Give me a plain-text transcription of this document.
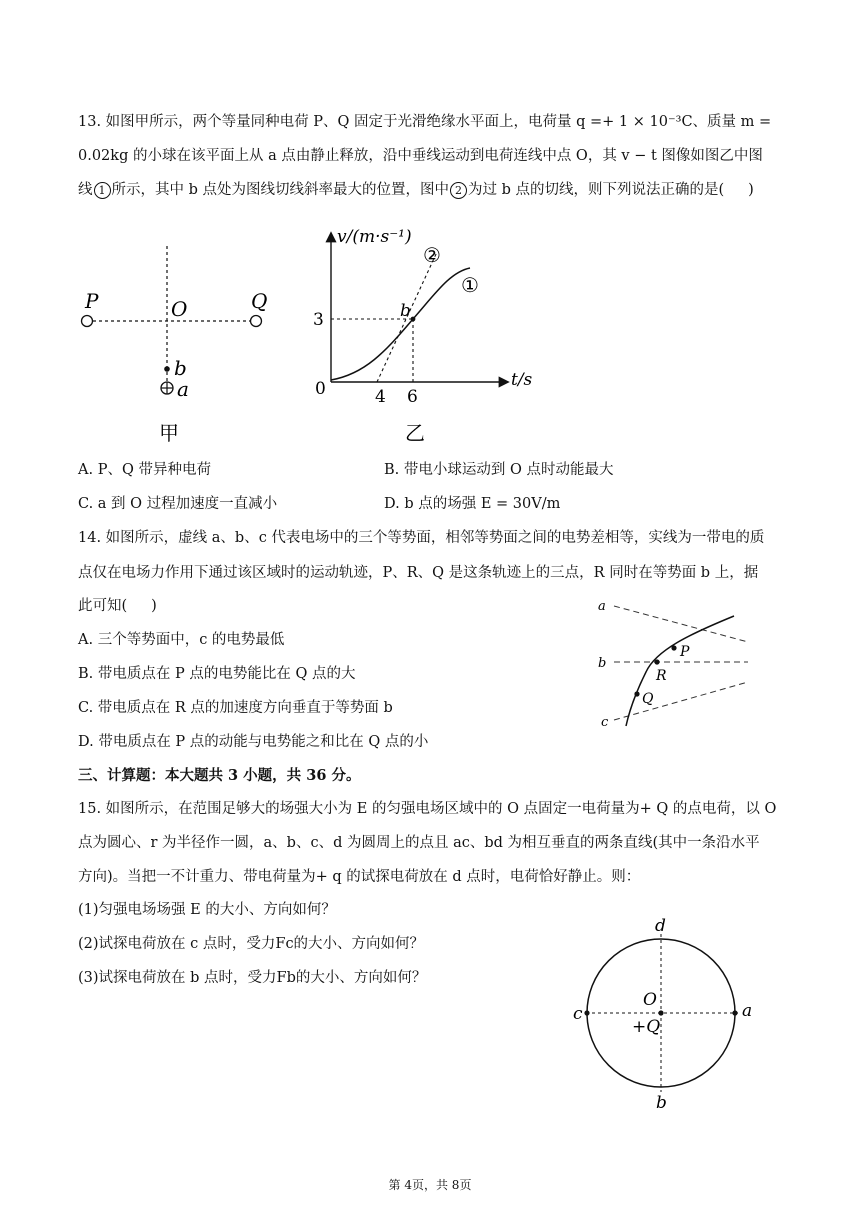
13. 如图甲所示，两个等量同种电荷 P、Q 固定于光滑绝缘水平面上，电荷量 q =+ 1 × 10⁻³C、质量 m =
0.02kg 的小球在该平面上从 a 点由静止释放，沿中垂线运动到电荷连线中点 O，其 v − t 图像如图乙中图
线 1 所示，其中 b 点处为图线切线斜率最大的位置，图中 2 为过 b 点的切线，则下列说法正确的是( )
P	O	Q
b
a
甲
v/(m·s⁻¹)
t/s
0
3
4 6
b
②
①
乙
A. P、Q 带异种电荷	B. 带电小球运动到 O 点时动能最大
C. a 到 O 过程加速度一直减小	D. b 点的场强 E = 30V/m
14. 如图所示，虚线 a、b、c 代表电场中的三个等势面，相邻等势面之间的电势差相等，实线为一带电的质
点仅在电场力作用下通过该区域时的运动轨迹，P、R、Q 是这条轨迹上的三点，R 同时在等势面 b 上，据
此可知( )
A. 三个等势面中，c 的电势最低
B. 带电质点在 P 点的电势能比在 Q 点的大
C. 带电质点在 R 点的加速度方向垂直于等势面 b
D. 带电质点在 P 点的动能与电势能之和比在 Q 点的小
a
b
c
P
R
Q
三、计算题：本大题共 3 小题，共 36 分。
15. 如图所示，在范围足够大的场强大小为 E 的匀强电场区域中的 O 点固定一电荷量为+ Q 的点电荷，以 O
点为圆心、r 为半径作一圆，a、b、c、d 为圆周上的点且 ac、bd 为相互垂直的两条直线(其中一条沿水平
方向)。当把一不计重力、带电荷量为+ q 的试探电荷放在 d 点时，电荷恰好静止。则：
(1)匀强电场场强 E 的大小、方向如何？
(2)试探电荷放在 c 点时，受力Fc的大小、方向如何？
(3)试探电荷放在 b 点时，受力Fb的大小、方向如何？
d
c	a
b
O
+Q
第 4页，共 8页
